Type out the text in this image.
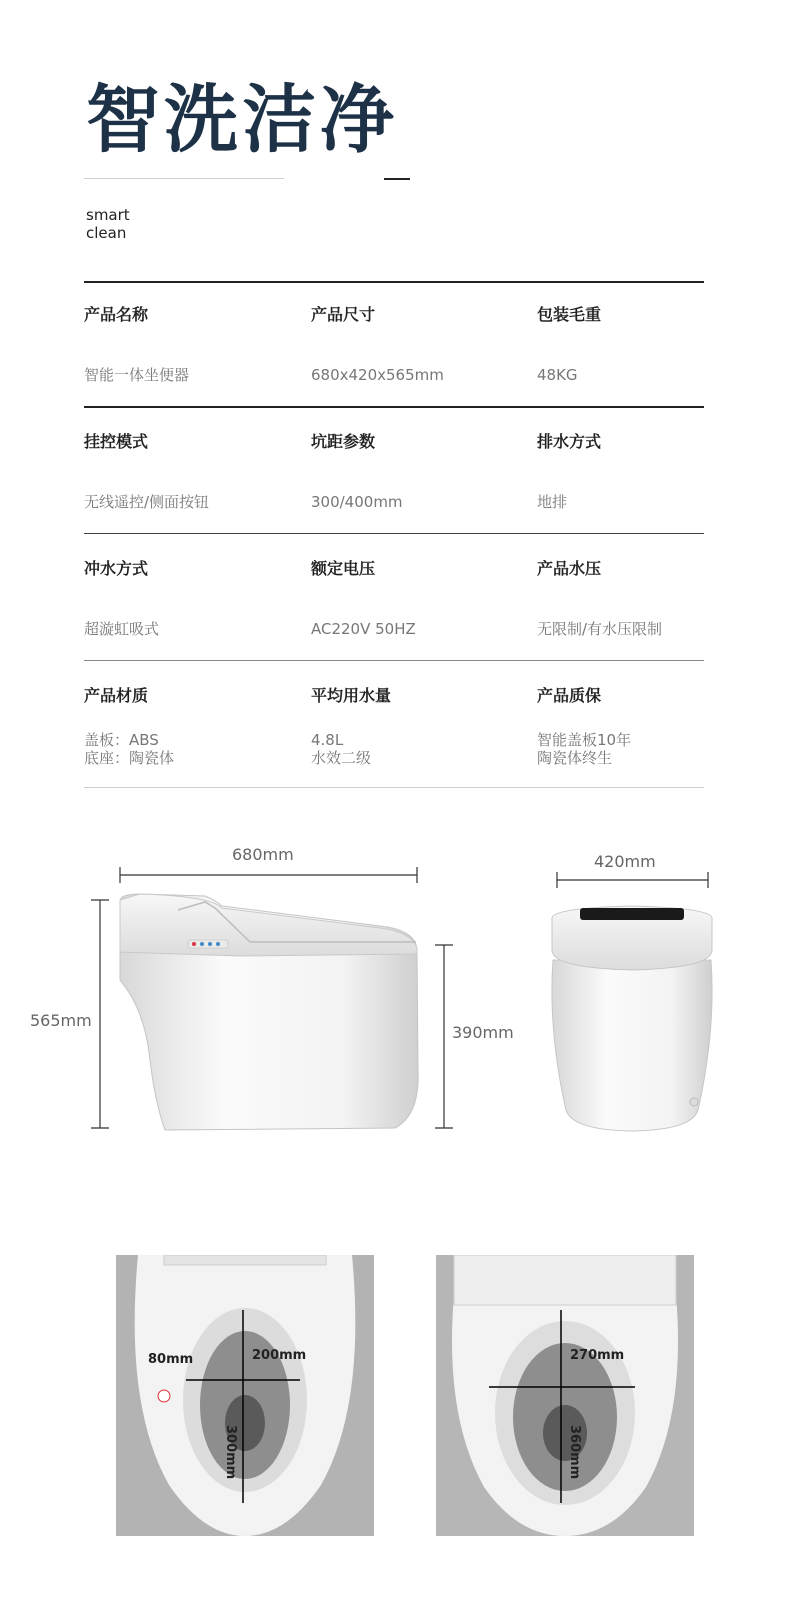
智洗洁净
smart
clean
产品名称
智能一体坐便器
产品尺寸
680x420x565mm
包装毛重
48KG
挂控模式
无线遥控/侧面按钮
坑距参数
300/400mm
排水方式
地排
冲水方式
超漩虹吸式
额定电压
AC220V 50HZ
产品水压
无限制/有水压限制
产品材质
盖板：ABS
底座：陶瓷体
平均用水量
4.8L
水效二级
产品质保
智能盖板10年
陶瓷体终生
680mm
565mm
390mm
420mm
80mm	200mm
300mm
270mm
360mm
